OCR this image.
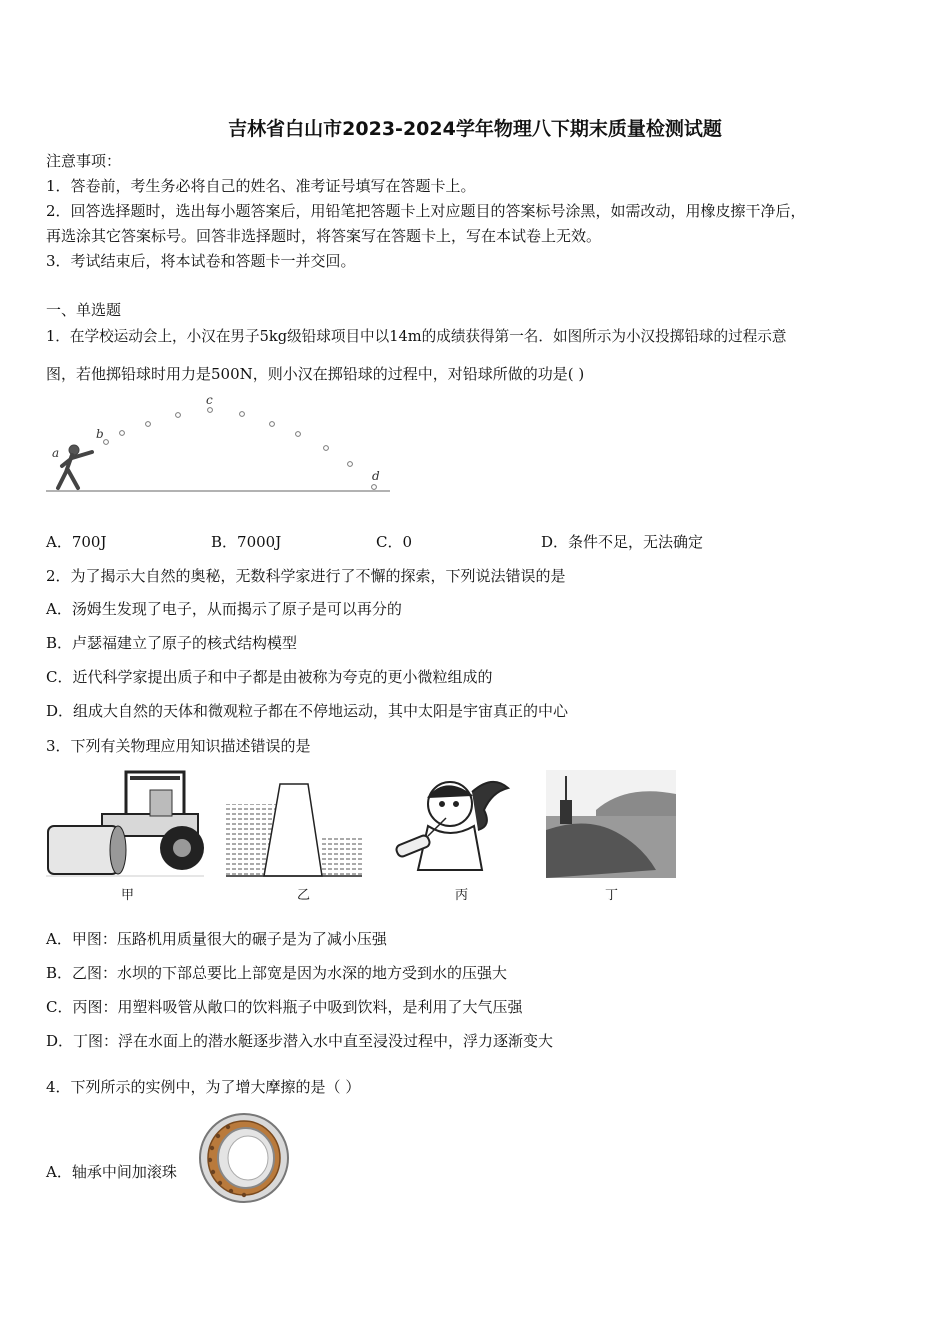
吉林省白山市2023-2024学年物理八下期末质量检测试题
注意事项：
1．答卷前，考生务必将自己的姓名、准考证号填写在答题卡上。
2．回答选择题时，选出每小题答案后，用铅笔把答题卡上对应题目的答案标号涂黑，如需改动，用橡皮擦干净后，
再选涂其它答案标号。回答非选择题时，将答案写在答题卡上，写在本试卷上无效。
3．考试结束后，将本试卷和答题卡一并交回。
一、单选题
1．在学校运动会上，小汉在男子5kg级铅球项目中以14m的成绩获得第一名．如图所示为小汉投掷铅球的过程示意
图，若他掷铅球时用力是500N，则小汉在掷铅球的过程中，对铅球所做的功是( )
a
b
c
d
A．700J	B．7000J	C．0	D．条件不足，无法确定
2．为了揭示大自然的奥秘，无数科学家进行了不懈的探索，下列说法错误的是
A．汤姆生发现了电子，从而揭示了原子是可以再分的
B．卢瑟福建立了原子的核式结构模型
C．近代科学家提出质子和中子都是由被称为夸克的更小微粒组成的
D．组成大自然的天体和微观粒子都在不停地运动，其中太阳是宇宙真正的中心
3．下列有关物理应用知识描述错误的是
甲	乙	丙	丁
A．甲图：压路机用质量很大的碾子是为了减小压强
B．乙图：水坝的下部总要比上部宽是因为水深的地方受到水的压强大
C．丙图：用塑料吸管从敞口的饮料瓶子中吸到饮料，是利用了大气压强
D．丁图：浮在水面上的潜水艇逐步潜入水中直至浸没过程中，浮力逐渐变大
4．下列所示的实例中，为了增大摩擦的是（ ）
A．轴承中间加滚珠
